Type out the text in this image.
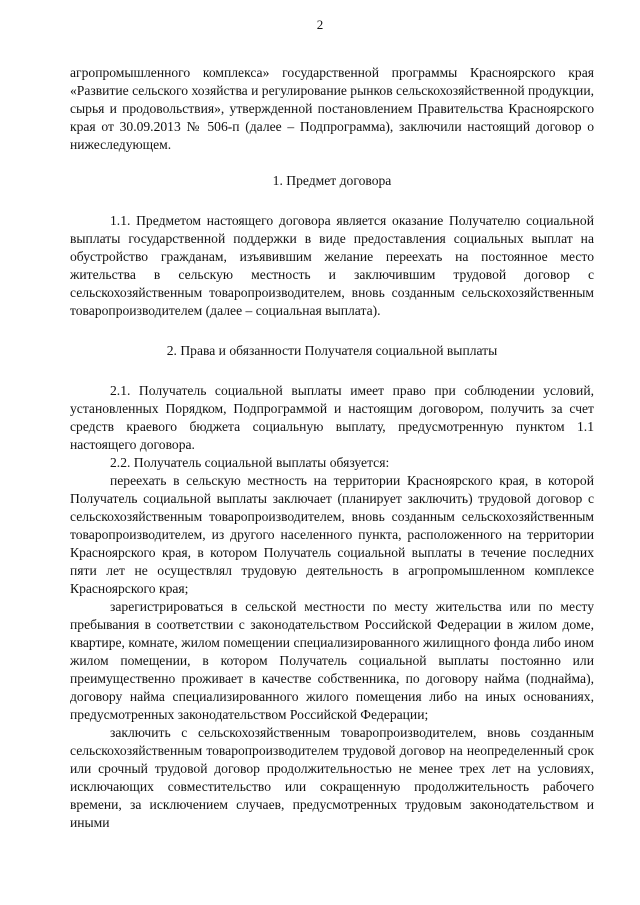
2

агропромышленного комплекса» государственной программы Красноярского края «Развитие сельского хозяйства и регулирование рынков сельскохозяйственной продукции, сырья и продовольствия», утвержденной постановлением Правительства Красноярского края от 30.09.2013 № 506-п (далее – Подпрограмма), заключили настоящий договор о нижеследующем.

1. Предмет договора

1.1. Предметом настоящего договора является оказание Получателю социальной выплаты государственной поддержки в виде предоставления социальных выплат на обустройство гражданам, изъявившим желание переехать на постоянное место жительства в сельскую местность и заключившим трудовой договор с сельскохозяйственным товаропроизводителем, вновь созданным сельскохозяйственным товаропроизводителем (далее – социальная выплата).

2. Права и обязанности Получателя социальной выплаты

2.1. Получатель социальной выплаты имеет право при соблюдении условий, установленных Порядком, Подпрограммой и настоящим договором, получить за счет средств краевого бюджета социальную выплату, предусмотренную пунктом 1.1 настоящего договора.

2.2. Получатель социальной выплаты обязуется:

переехать в сельскую местность на территории Красноярского края, в которой Получатель социальной выплаты заключает (планирует заключить) трудовой договор с сельскохозяйственным товаропроизводителем, вновь созданным сельскохозяйственным товаропроизводителем, из другого населенного пункта, расположенного на территории Красноярского края, в котором Получатель социальной выплаты в течение последних пяти лет не осуществлял трудовую деятельность в агропромышленном комплексе Красноярского края;

зарегистрироваться в сельской местности по месту жительства или по месту пребывания в соответствии с законодательством Российской Федерации в жилом доме, квартире, комнате, жилом помещении специализированного жилищного фонда либо ином жилом помещении, в котором Получатель социальной выплаты постоянно или преимущественно проживает в качестве собственника, по договору найма (поднайма), договору найма специализированного жилого помещения либо на иных основаниях, предусмотренных законодательством Российской Федерации;

заключить с сельскохозяйственным товаропроизводителем, вновь созданным сельскохозяйственным товаропроизводителем трудовой договор на неопределенный срок или срочный трудовой договор продолжительностью не менее трех лет на условиях, исключающих совместительство или сокращенную продолжительность рабочего времени, за исключением случаев, предусмотренных трудовым законодательством и иными
